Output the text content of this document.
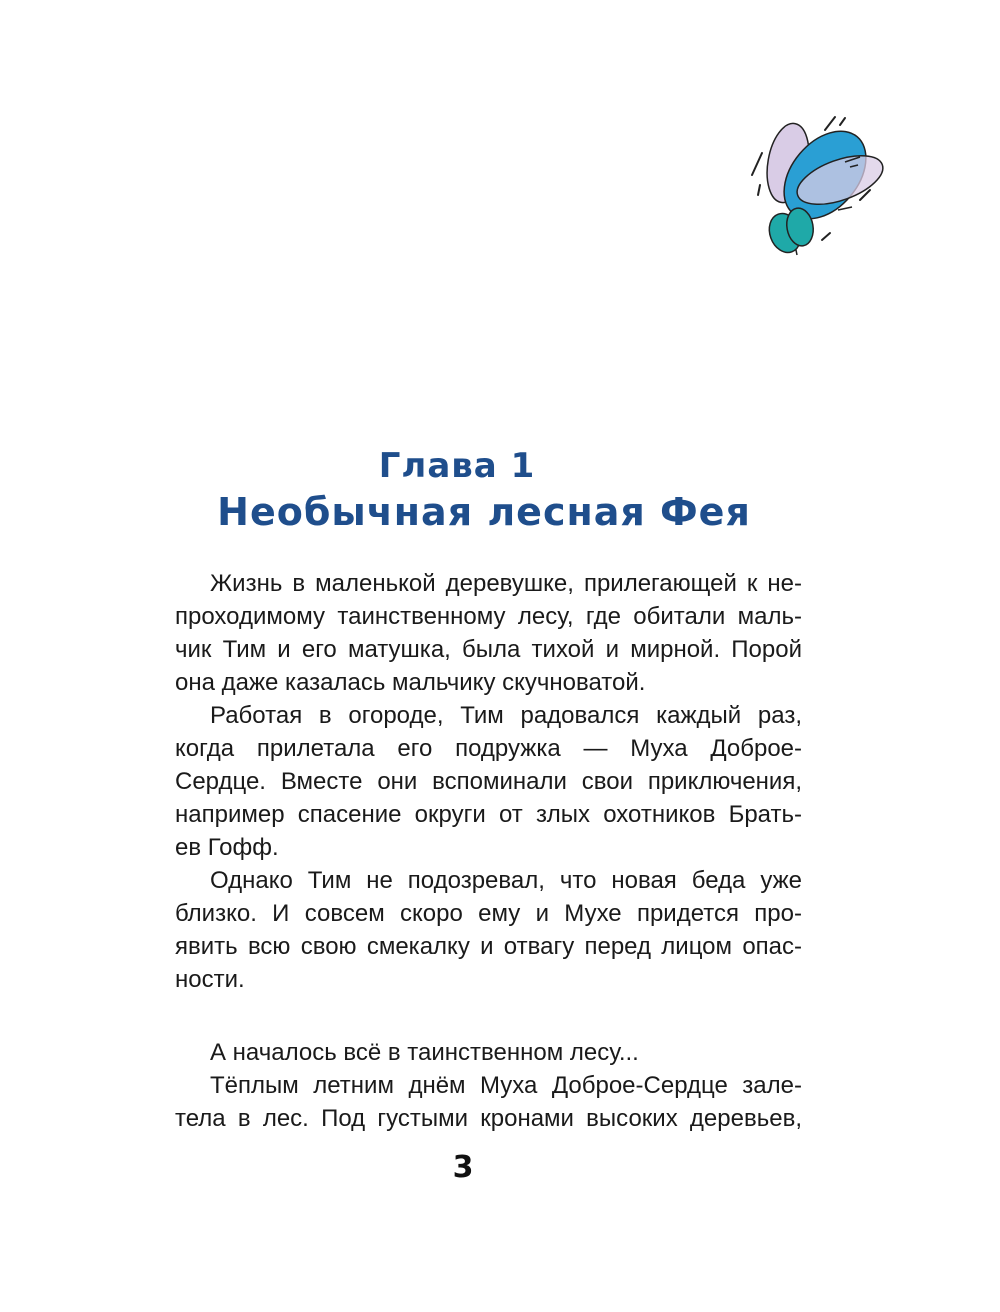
Глава 1
Необычная лесная Фея
Жизнь в маленькой деревушке, прилегающей к не-
проходимому таинственному лесу, где обитали маль-
чик Тим и его матушка, была тихой и мирной. Порой
она даже казалась мальчику скучноватой.
Работая в огороде, Тим радовался каждый раз,
когда прилетала его подружка — Муха Доброе-
Сердце. Вместе они вспоминали свои приключения,
например спасение округи от злых охотников Брать-
ев Гофф.
Однако Тим не подозревал, что новая беда уже
близко. И совсем скоро ему и Мухе придется про-
явить всю свою смекалку и отвагу перед лицом опас-
ности.
А началось всё в таинственном лесу...
Тёплым летним днём Муха Доброе-Сердце зале-
тела в лес. Под густыми кронами высоких деревьев,
3
